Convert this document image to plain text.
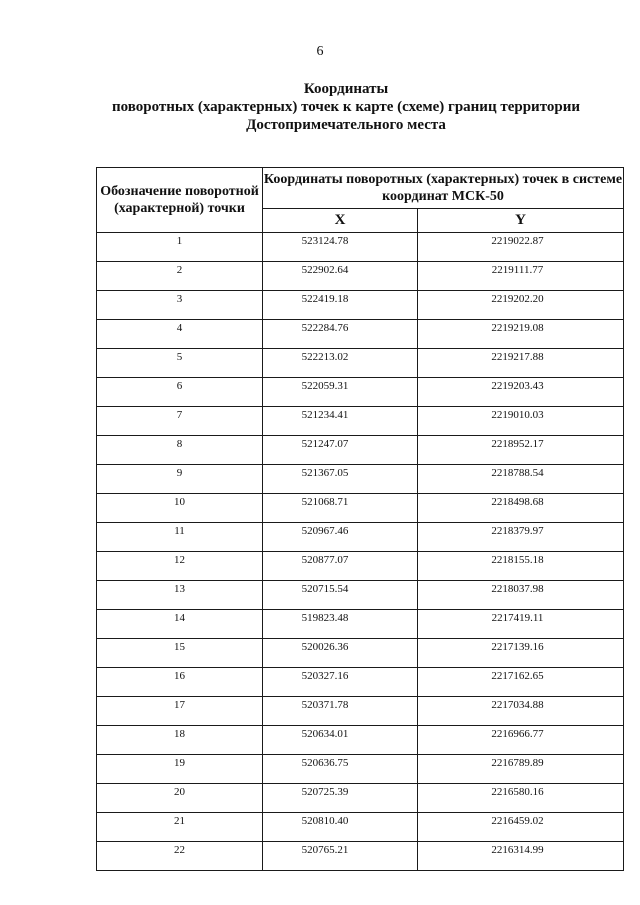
6
Координаты
поворотных (характерных) точек к карте (схеме) границ территории
Достопримечательного места
Обозначение поворотной (характерной) точки	Координаты поворотных (характерных) точек в системе координат МСК-50	
	X	Y
1	523124.78	2219022.87
2	522902.64	2219111.77
3	522419.18	2219202.20
4	522284.76	2219219.08
5	522213.02	2219217.88
6	522059.31	2219203.43
7	521234.41	2219010.03
8	521247.07	2218952.17
9	521367.05	2218788.54
10	521068.71	2218498.68
11	520967.46	2218379.97
12	520877.07	2218155.18
13	520715.54	2218037.98
14	519823.48	2217419.11
15	520026.36	2217139.16
16	520327.16	2217162.65
17	520371.78	2217034.88
18	520634.01	2216966.77
19	520636.75	2216789.89
20	520725.39	2216580.16
21	520810.40	2216459.02
22	520765.21	2216314.99
